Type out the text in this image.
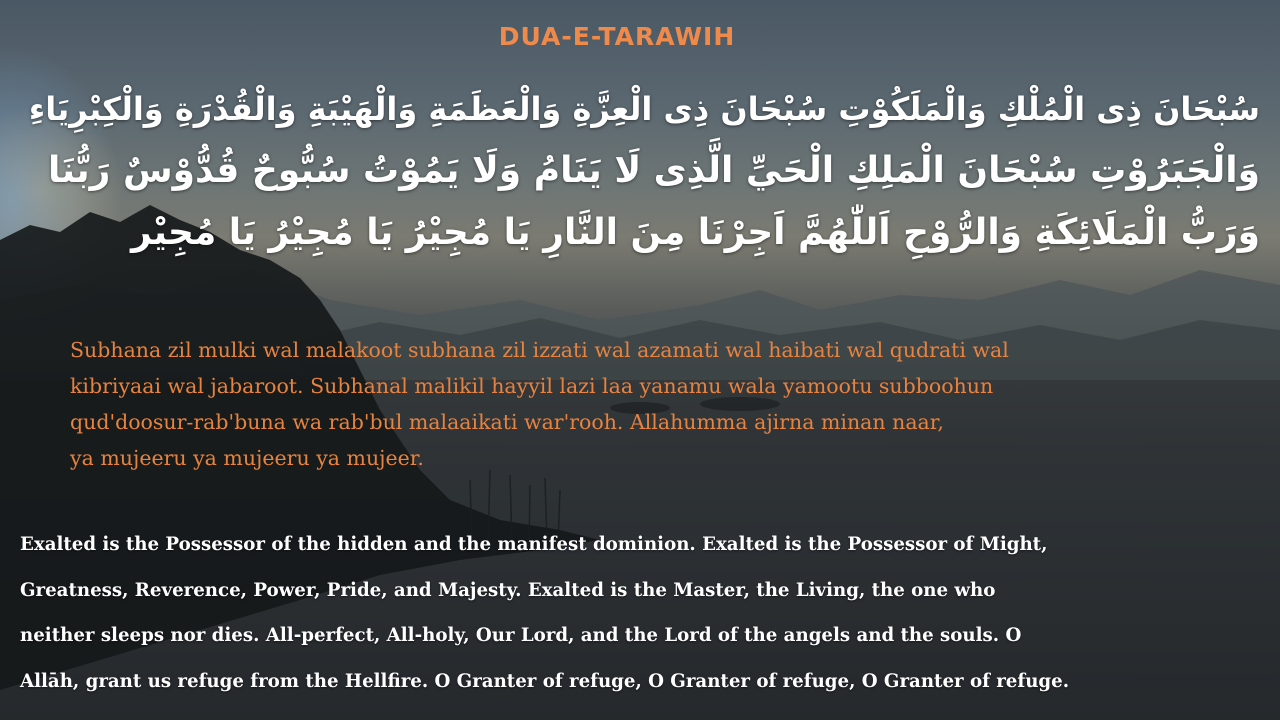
DUA-E-TARAWIH
سُبْحَانَ ذِى الْمُلْكِ وَالْمَلَكُوْتِ سُبْحَانَ ذِى الْعِزَّةِ وَالْعَظَمَةِ وَالْهَيْبَةِ وَالْقُدْرَةِ وَالْكِبْرِيَاءِ
وَالْجَبَرُوْتِ سُبْحَانَ الْمَلِكِ الْحَيِّ الَّذِى لَا يَنَامُ وَلَا يَمُوْتُ سُبُّوحٌ قُدُّوْسٌ رَبُّنَا
وَرَبُّ الْمَلَائِكَةِ وَالرُّوْحِ اَللّٰهُمَّ اَجِرْنَا مِنَ النَّارِ يَا مُجِيْرُ يَا مُجِيْرُ يَا مُجِيْر
Subhana zil mulki wal malakoot subhana zil izzati wal azamati wal haibati wal qudrati wal
kibriyaai wal jabaroot. Subhanal malikil hayyil lazi laa yanamu wala yamootu subboohun
qud'doosur-rab'buna wa rab'bul malaaikati war'rooh. Allahumma ajirna minan naar,
ya mujeeru ya mujeeru ya mujeer.
Exalted is the Possessor of the hidden and the manifest dominion. Exalted is the Possessor of Might,
Greatness, Reverence, Power, Pride, and Majesty. Exalted is the Master, the Living, the one who
neither sleeps nor dies. All-perfect, All-holy, Our Lord, and the Lord of the angels and the souls. O
Allāh, grant us refuge from the Hellfire. O Granter of refuge, O Granter of refuge, O Granter of refuge.
